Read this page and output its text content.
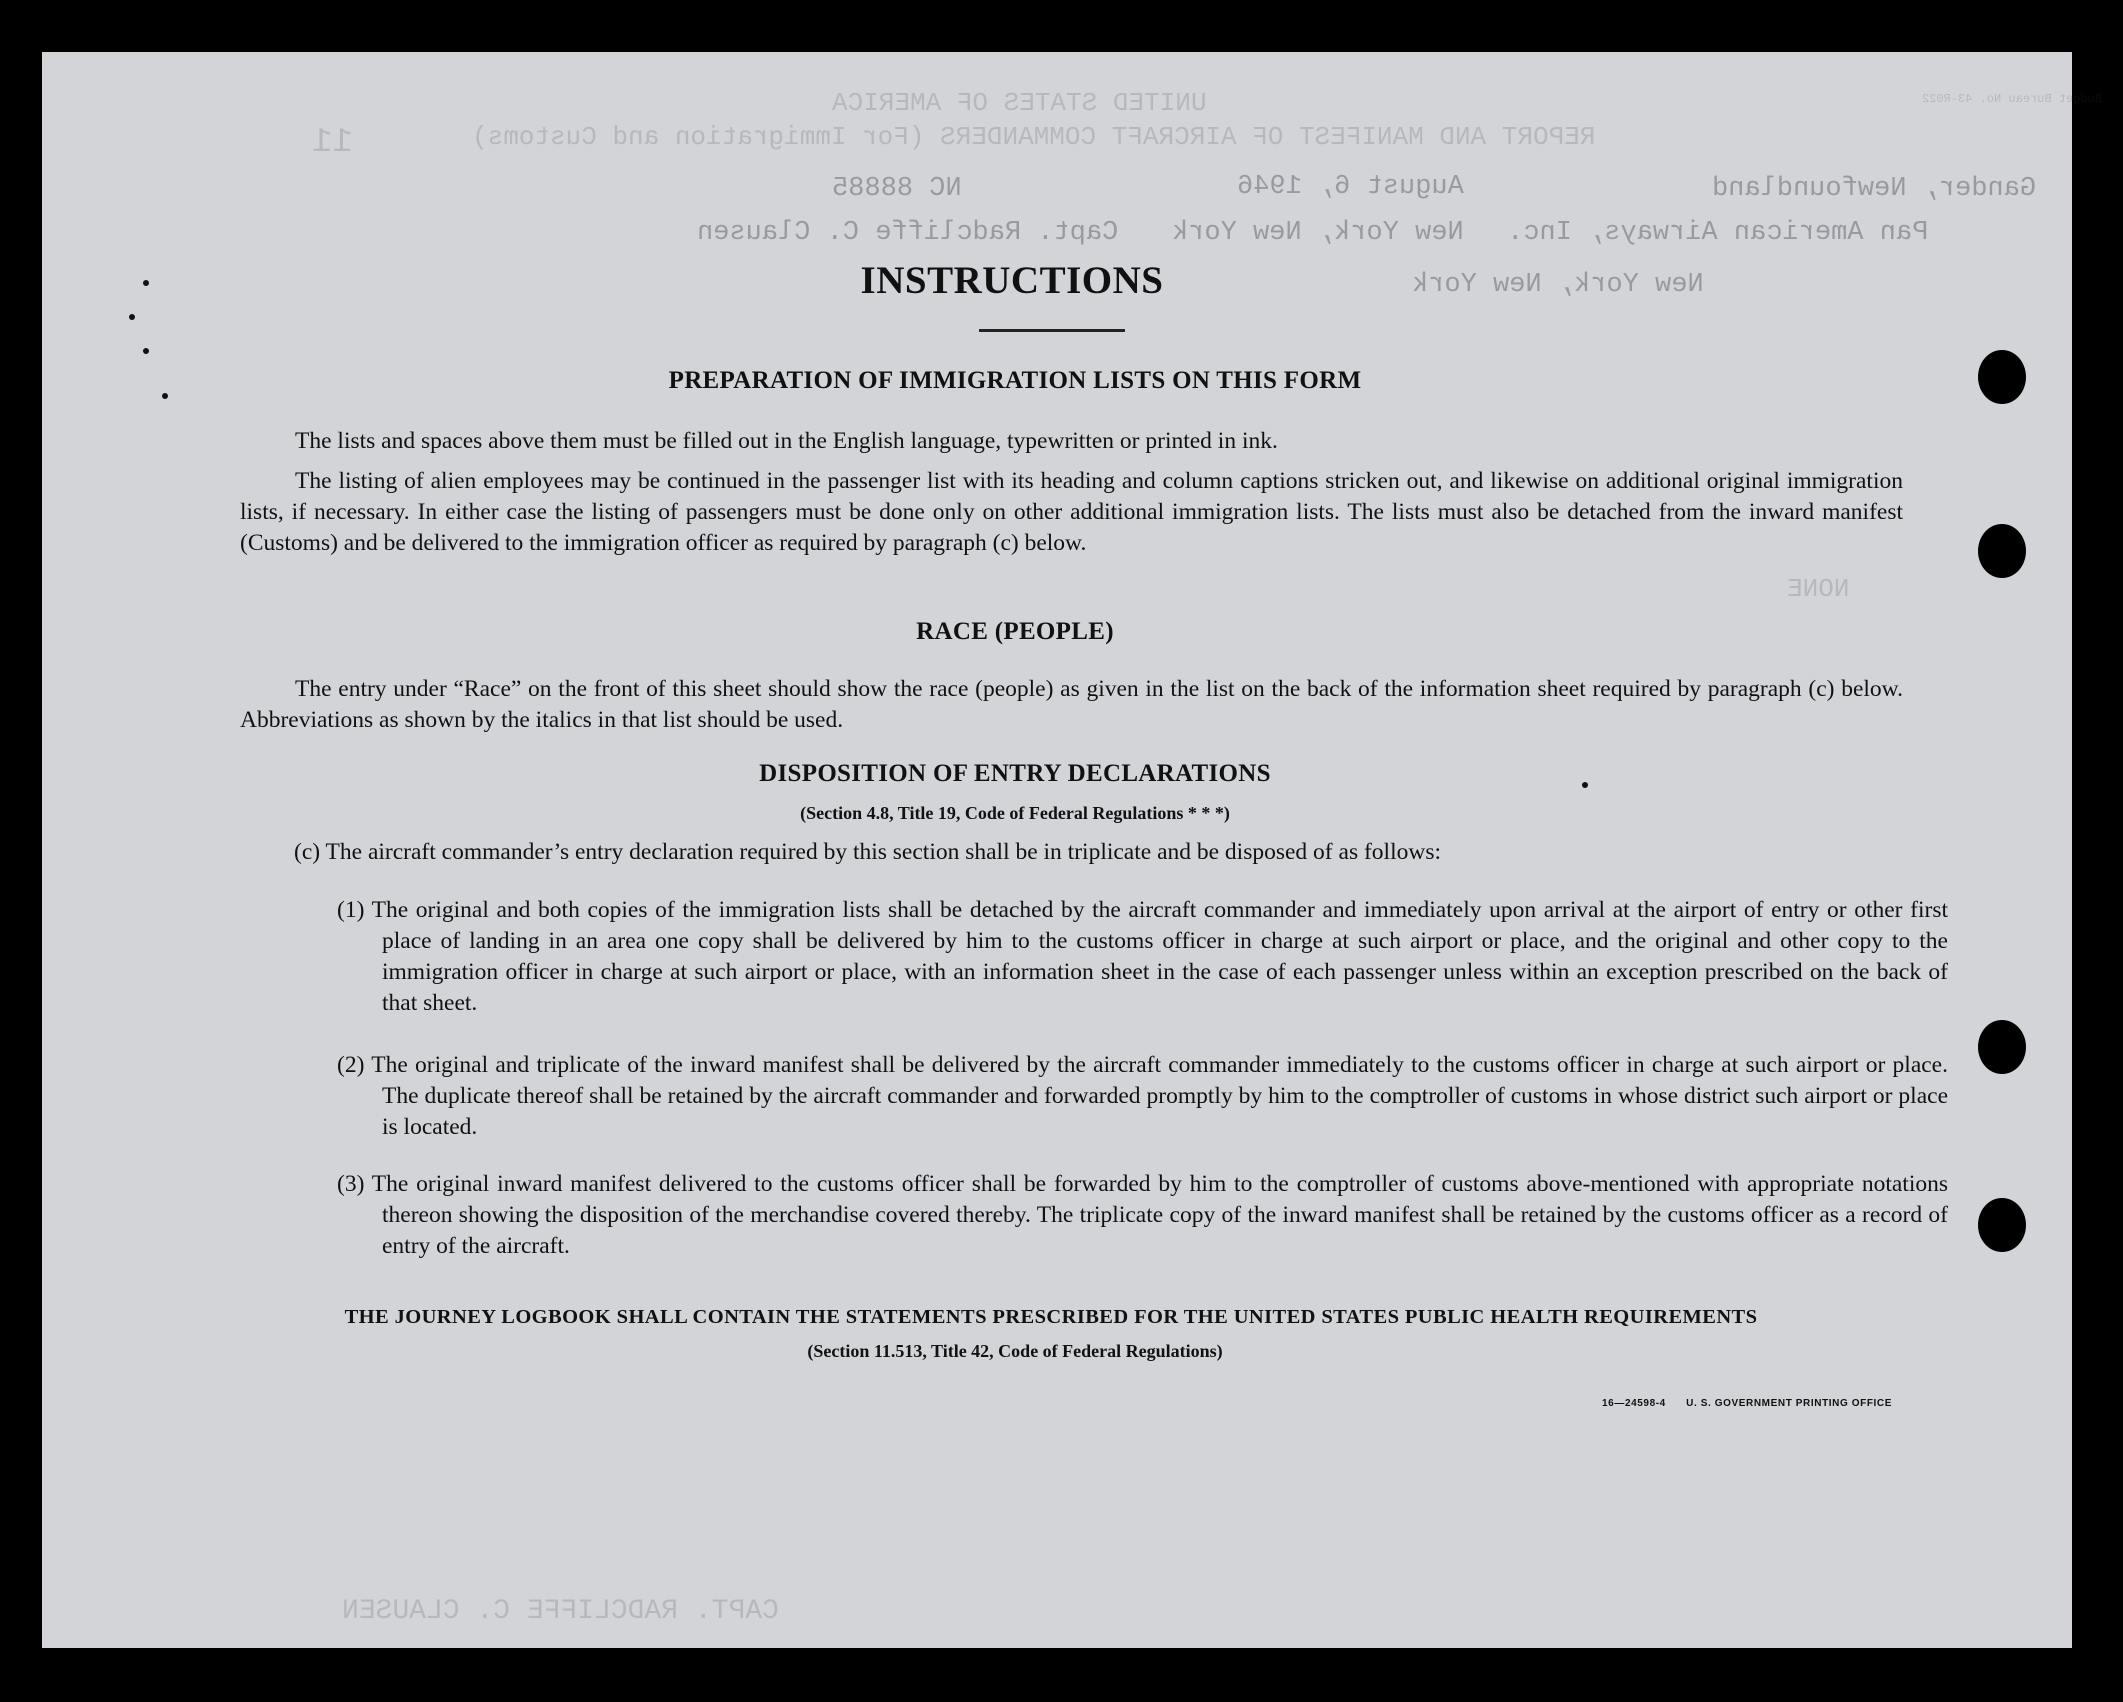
UNITED STATES OF AMERICA
REPORT AND MANIFEST OF AIRCRAFT COMMANDERS (For Immigration and Customs)
11
Budget Bureau No. 43-R022
Gander, Newfoundland
August 6, 1946
NC 88885
Pan American Airways, Inc.
New York, New York
Capt. Radcliffe C. Clausen
New York, New York
NONE
CAPT. RADCLIFFE C. CLAUSEN
INSTRUCTIONS
PREPARATION OF IMMIGRATION LISTS ON THIS FORM
The lists and spaces above them must be filled out in the English language, typewritten or printed in ink.
The listing of alien employees may be continued in the passenger list with its heading and column captions stricken out, and likewise on additional original immigration lists, if necessary. In either case the listing of passengers must be done only on other additional immigration lists. The lists must also be detached from the inward manifest (Customs) and be delivered to the immigration officer as required by paragraph (c) below.
RACE (PEOPLE)
The entry under “Race” on the front of this sheet should show the race (people) as given in the list on the back of the information sheet required by paragraph (c) below. Abbreviations as shown by the italics in that list should be used.
DISPOSITION OF ENTRY DECLARATIONS
(Section 4.8, Title 19, Code of Federal Regulations * * *)
(c) The aircraft commander’s entry declaration required by this section shall be in triplicate and be disposed of as follows:
(1) The original and both copies of the immigration lists shall be detached by the aircraft commander and immediately upon arrival at the airport of entry or other first place of landing in an area one copy shall be delivered by him to the customs officer in charge at such airport or place, and the original and other copy to the immigration officer in charge at such airport or place, with an information sheet in the case of each passenger unless within an exception prescribed on the back of that sheet.
(2) The original and triplicate of the inward manifest shall be delivered by the aircraft commander immediately to the customs officer in charge at such airport or place. The duplicate thereof shall be retained by the aircraft commander and forwarded promptly by him to the comptroller of customs in whose district such airport or place is located.
(3) The original inward manifest delivered to the customs officer shall be forwarded by him to the comptroller of customs above-mentioned with appropriate notations thereon showing the disposition of the merchandise covered thereby. The triplicate copy of the inward manifest shall be retained by the customs officer as a record of entry of the aircraft.
THE JOURNEY LOGBOOK SHALL CONTAIN THE STATEMENTS PRESCRIBED FOR THE UNITED STATES PUBLIC HEALTH REQUIREMENTS
(Section 11.513, Title 42, Code of Federal Regulations)
16—24598-4 U. S. GOVERNMENT PRINTING OFFICE
